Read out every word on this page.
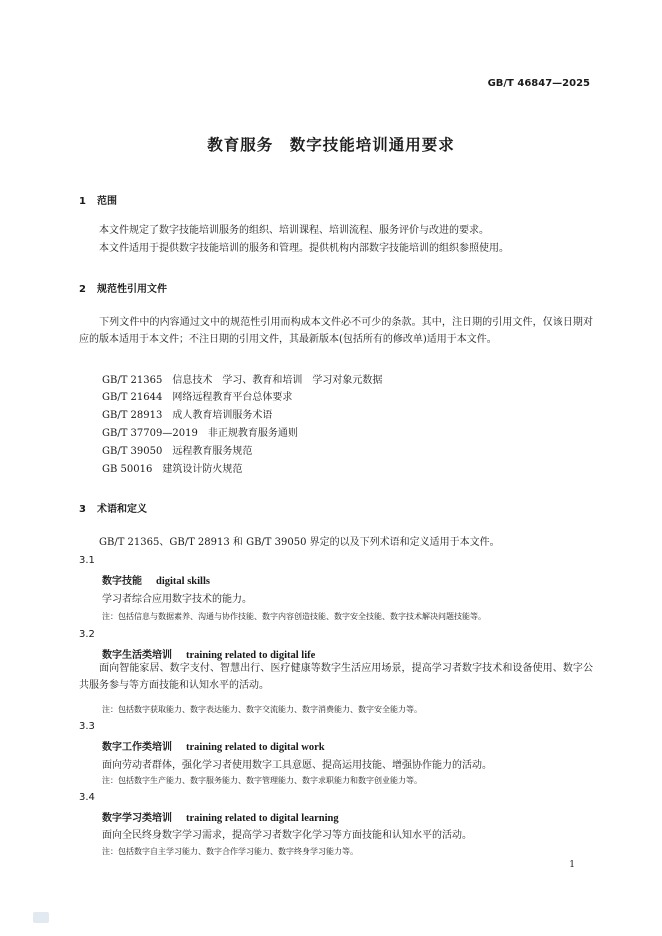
GB/T 46847—2025
教育服务　数字技能培训通用要求
1 范围
本文件规定了数字技能培训服务的组织、培训课程、培训流程、服务评价与改进的要求。
本文件适用于提供数字技能培训的服务和管理。提供机构内部数字技能培训的组织参照使用。
2 规范性引用文件
下列文件中的内容通过文中的规范性引用而构成本文件必不可少的条款。其中，注日期的引用文件，仅该日期对应的版本适用于本文件；不注日期的引用文件，其最新版本(包括所有的修改单)适用于本文件。
GB/T 21365　信息技术　学习、教育和培训　学习对象元数据
GB/T 21644　网络远程教育平台总体要求
GB/T 28913　成人教育培训服务术语
GB/T 37709—2019　非正规教育服务通则
GB/T 39050　远程教育服务规范
GB 50016　建筑设计防火规范
3 术语和定义
GB/T 21365、GB/T 28913 和 GB/T 39050 界定的以及下列术语和定义适用于本文件。
3.1
数字技能 digital skills
学习者综合应用数字技术的能力。
注：包括信息与数据素养、沟通与协作技能、数字内容创造技能、数字安全技能、数字技术解决问题技能等。
3.2
数字生活类培训 training related to digital life
面向智能家居、数字支付、智慧出行、医疗健康等数字生活应用场景，提高学习者数字技术和设备使用、数字公共服务参与等方面技能和认知水平的活动。
注：包括数字获取能力、数字表达能力、数字交流能力、数字消费能力、数字安全能力等。
3.3
数字工作类培训 training related to digital work
面向劳动者群体，强化学习者使用数字工具意愿、提高运用技能、增强协作能力的活动。
注：包括数字生产能力、数字服务能力、数字管理能力、数字求职能力和数字创业能力等。
3.4
数字学习类培训 training related to digital learning
面向全民终身数字学习需求，提高学习者数字化学习等方面技能和认知水平的活动。
注：包括数字自主学习能力、数字合作学习能力、数字终身学习能力等。
1
